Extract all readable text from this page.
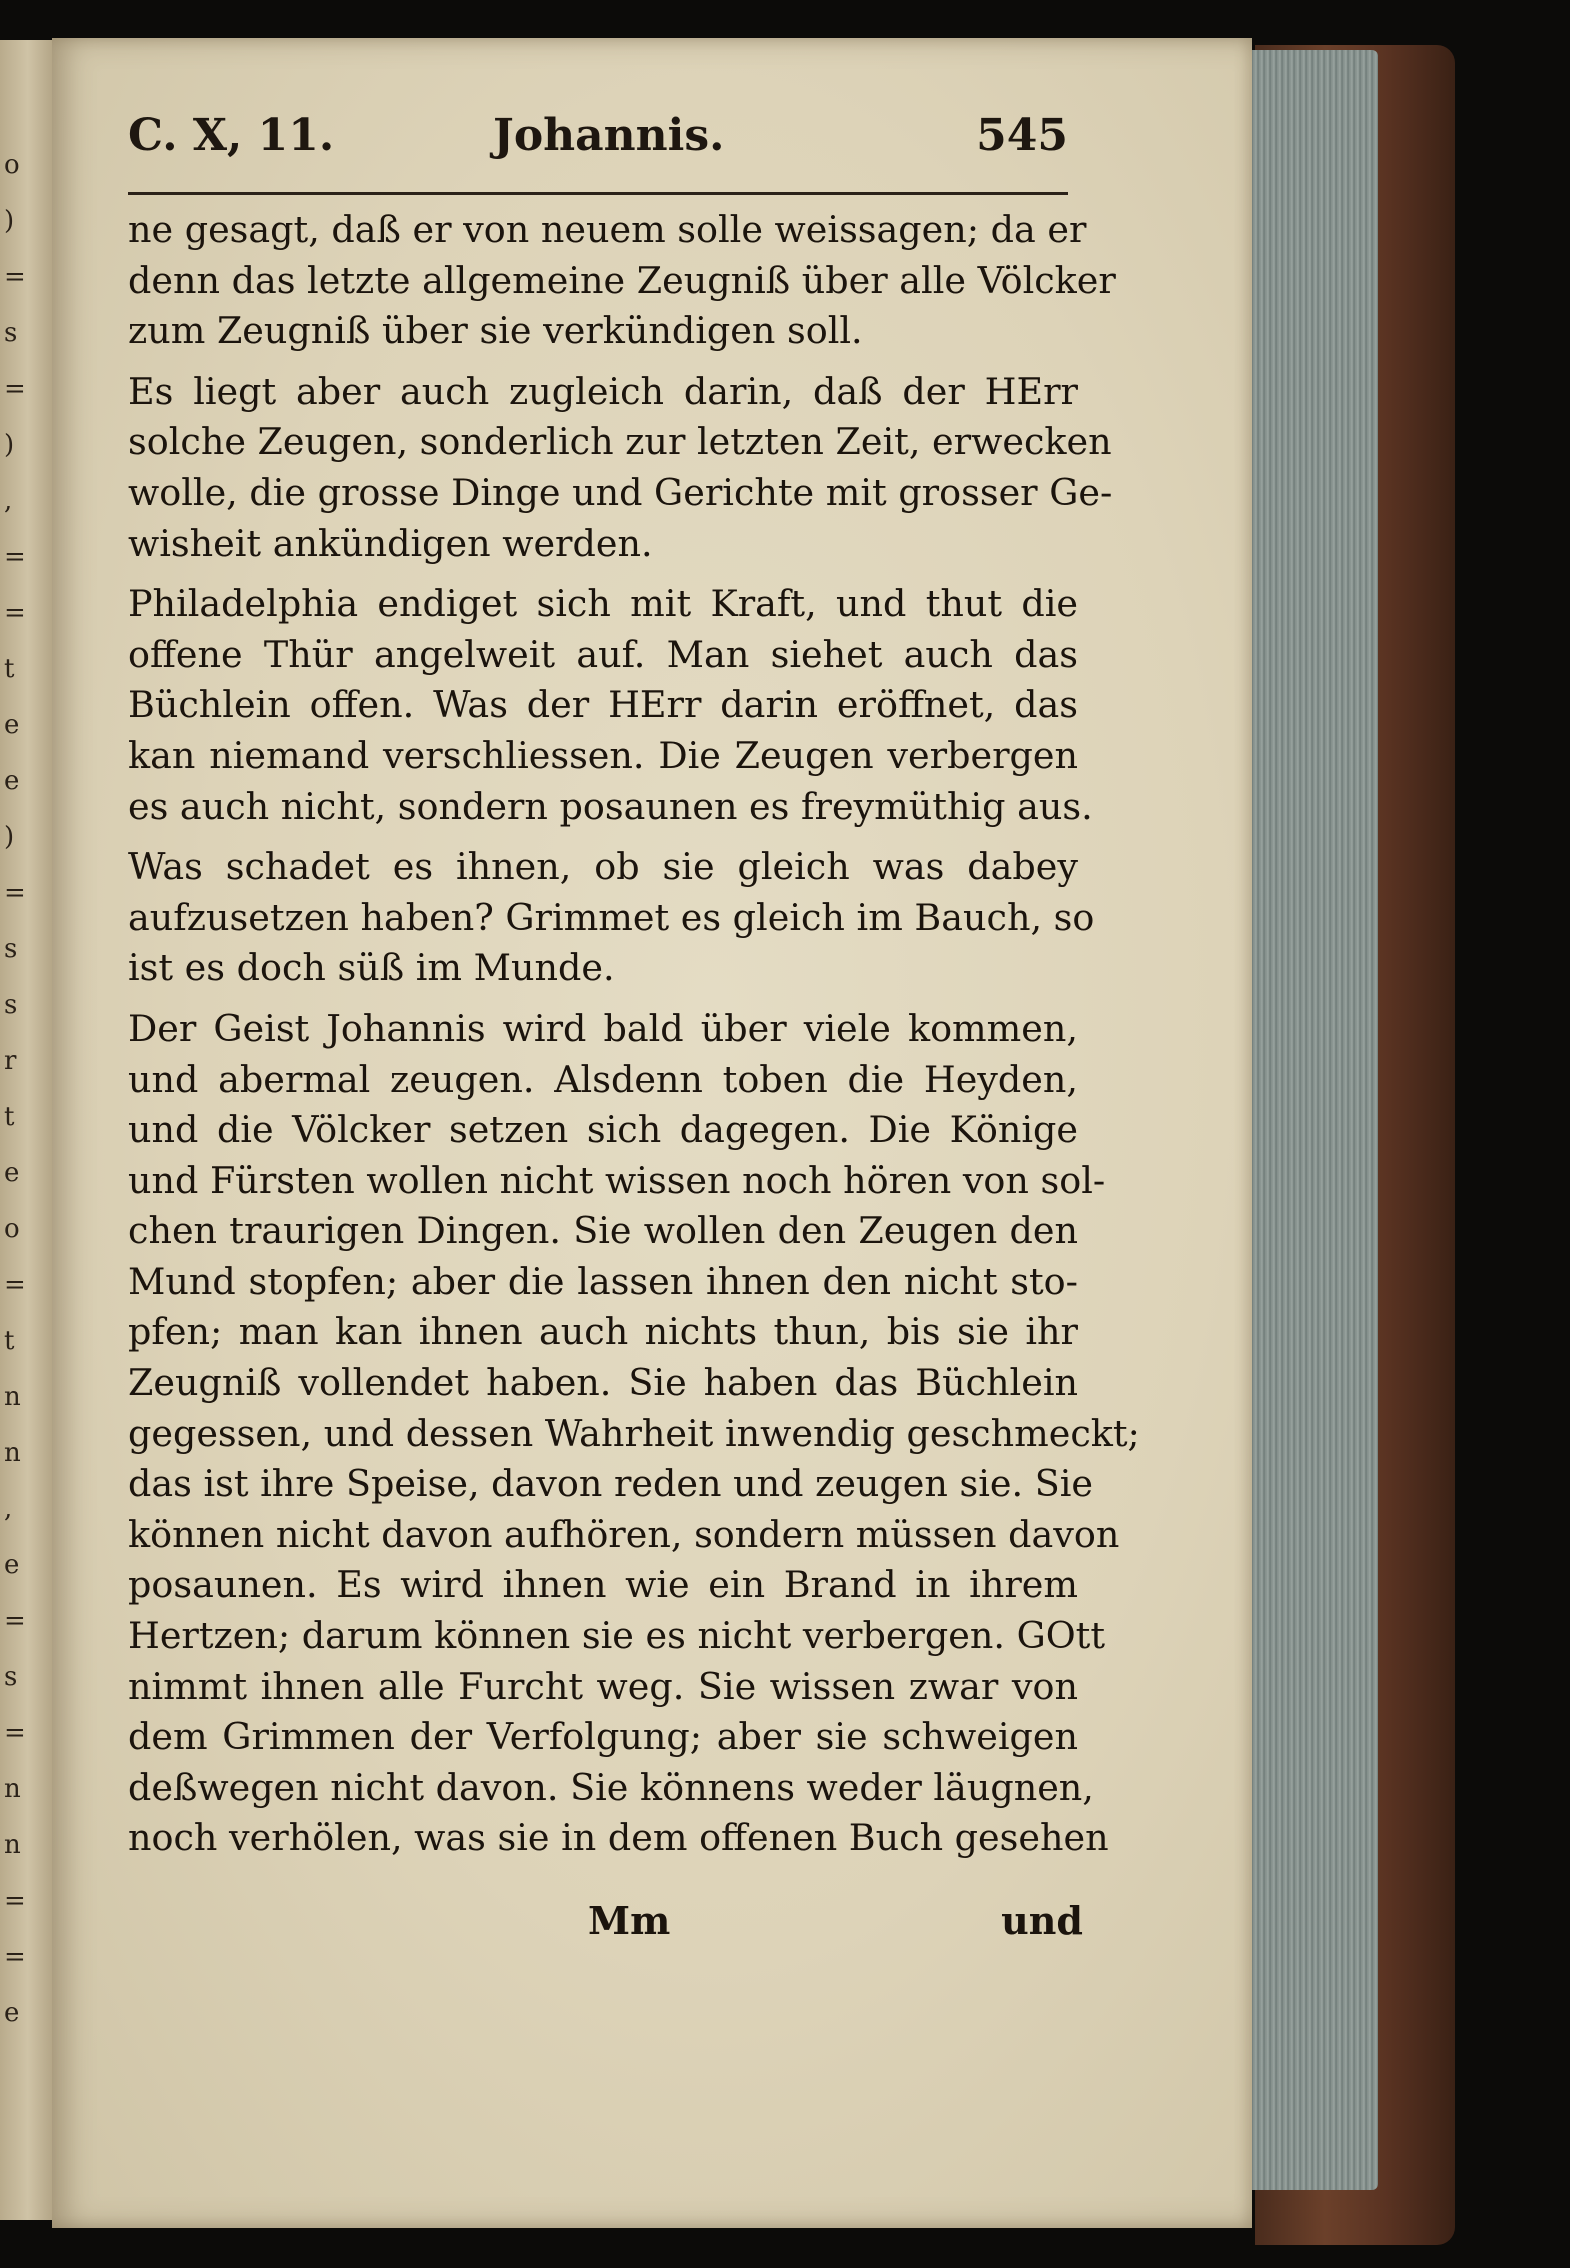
o
)
=
s
=
)
,
=
=
t
e
e
)
=
s
s
r
t
e
o
=
t
n
n
,
e
=
s
=
n
n
=
=
e
C. X, 11.	Johannis.	545
ne gesagt, daß er von neuem solle weissagen; da er
denn das letzte allgemeine Zeugniß über alle Völcker
zum Zeugniß über sie verkündigen soll.
Es liegt aber auch zugleich darin, daß der HErr
solche Zeugen, sonderlich zur letzten Zeit, erwecken
wolle, die grosse Dinge und Gerichte mit grosser Ge-
wisheit ankündigen werden.
Philadelphia endiget sich mit Kraft, und thut die
offene Thür angelweit auf. Man siehet auch das
Büchlein offen. Was der HErr darin eröffnet, das
kan niemand verschliessen. Die Zeugen verbergen
es auch nicht, sondern posaunen es freymüthig aus.
Was schadet es ihnen, ob sie gleich was dabey
aufzusetzen haben? Grimmet es gleich im Bauch, so
ist es doch süß im Munde.
Der Geist Johannis wird bald über viele kommen,
und abermal zeugen. Alsdenn toben die Heyden,
und die Völcker setzen sich dagegen. Die Könige
und Fürsten wollen nicht wissen noch hören von sol-
chen traurigen Dingen. Sie wollen den Zeugen den
Mund stopfen; aber die lassen ihnen den nicht sto-
pfen; man kan ihnen auch nichts thun, bis sie ihr
Zeugniß vollendet haben. Sie haben das Büchlein
gegessen, und dessen Wahrheit inwendig geschmeckt;
das ist ihre Speise, davon reden und zeugen sie. Sie
können nicht davon aufhören, sondern müssen davon
posaunen. Es wird ihnen wie ein Brand in ihrem
Hertzen; darum können sie es nicht verbergen. GOtt
nimmt ihnen alle Furcht weg. Sie wissen zwar von
dem Grimmen der Verfolgung; aber sie schweigen
deßwegen nicht davon. Sie könnens weder läugnen,
noch verhölen, was sie in dem offenen Buch gesehen
Mm	und
